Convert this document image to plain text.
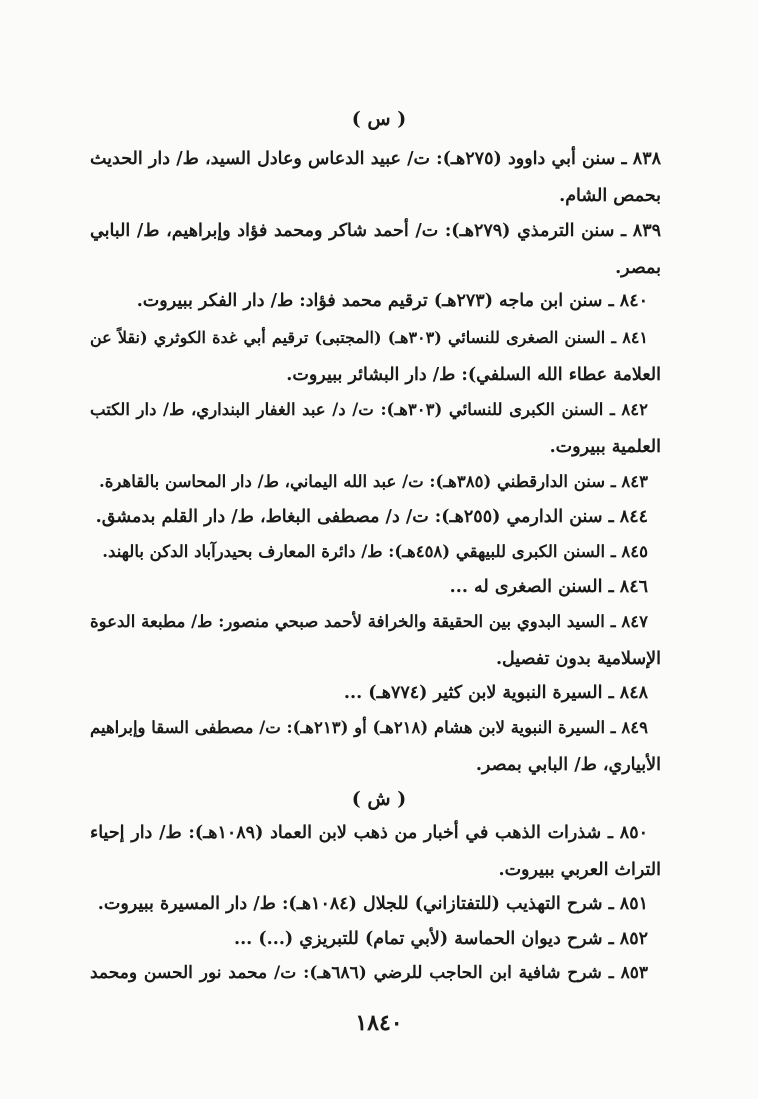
( س )
٨٣٨ ـ سنن أبي داوود (٢٧٥هـ): ت/ عبيد الدعاس وعادل السيد، ط/ دار الحديث
بحمص الشام.
٨٣٩ ـ سنن الترمذي (٢٧٩هـ): ت/ أحمد شاكر ومحمد فؤاد وإبراهيم، ط/ البابي
بمصر.
٨٤٠ ـ سنن ابن ماجه (٢٧٣هـ) ترقيم محمد فؤاد: ط/ دار الفكر ببيروت.
٨٤١ ـ السنن الصغرى للنسائي (٣٠٣هـ) (المجتبى) ترقيم أبي غدة الكوثري (نقلاً عن
العلامة عطاء الله السلفي): ط/ دار البشائر ببيروت.
٨٤٢ ـ السنن الكبرى للنسائي (٣٠٣هـ): ت/ د/ عبد الغفار البنداري، ط/ دار الكتب
العلمية ببيروت.
٨٤٣ ـ سنن الدارقطني (٣٨٥هـ): ت/ عبد الله اليماني، ط/ دار المحاسن بالقاهرة.
٨٤٤ ـ سنن الدارمي (٢٥٥هـ): ت/ د/ مصطفى البغاط، ط/ دار القلم بدمشق.
٨٤٥ ـ السنن الكبرى للبيهقي (٤٥٨هـ): ط/ دائرة المعارف بحيدرآباد الدكن بالهند.
٨٤٦ ـ السنن الصغرى له ...
٨٤٧ ـ السيد البدوي بين الحقيقة والخرافة لأحمد صبحي منصور: ط/ مطبعة الدعوة
الإسلامية بدون تفصيل.
٨٤٨ ـ السيرة النبوية لابن كثير (٧٧٤هـ) ...
٨٤٩ ـ السيرة النبوية لابن هشام (٢١٨هـ) أو (٢١٣هـ): ت/ مصطفى السقا وإبراهيم
الأبياري، ط/ البابي بمصر.
( ش )
٨٥٠ ـ شذرات الذهب في أخبار من ذهب لابن العماد (١٠٨٩هـ): ط/ دار إحياء
التراث العربي ببيروت.
٨٥١ ـ شرح التهذيب (للتفتازاني) للجلال (١٠٨٤هـ): ط/ دار المسيرة ببيروت.
٨٥٢ ـ شرح ديوان الحماسة (لأبي تمام) للتبريزي (...) ...
٨٥٣ ـ شرح شافية ابن الحاجب للرضي (٦٨٦هـ): ت/ محمد نور الحسن ومحمد
١٨٤٠
